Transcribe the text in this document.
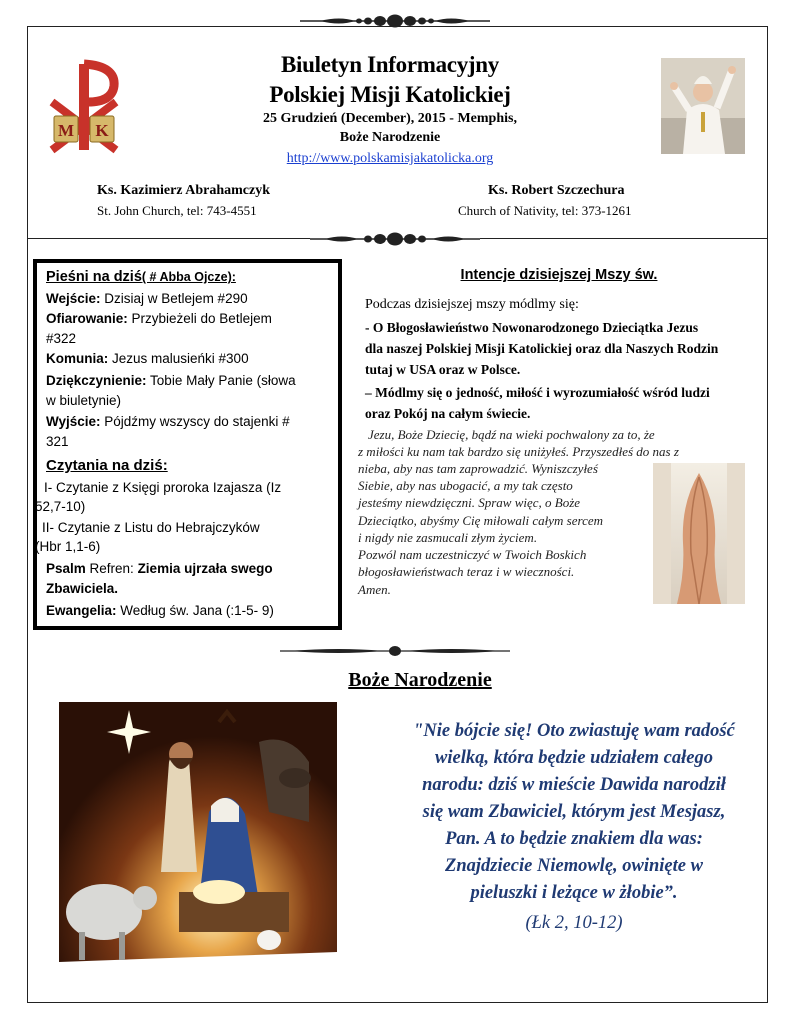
M K
Biuletyn Informacyjny
Polskiej Misji Katolickiej
25 Grudzień (December), 2015 - Memphis,
Boże Narodzenie
http://www.polskamisjakatolicka.org
Ks. Kazimierz Abrahamczyk
St. John Church, tel: 743-4551
Ks. Robert Szczechura
Church of Nativity, tel: 373-1261
Pieśni na dziś( # Abba Ojcze):
Wejście: Dzisiaj w Betlejem #290
Ofiarowanie: Przybieżeli do Betlejem
#322
Komunia: Jezus malusieńki #300
Dziękczynienie: Tobie Mały Panie (słowa
w biuletynie)
Wyjście: Pójdźmy wszyscy do stajenki #
321
Czytania na dziś:
I- Czytanie z Księgi proroka Izajasza (Iz
52,7-10)
II- Czytanie z Listu do Hebrajczyków
(Hbr 1,1-6)
Psalm Refren: Ziemia ujrzała swego
Zbawiciela.
Ewangelia: Według św. Jana (:1-5- 9)
Intencje dzisiejszej Mszy św.
Podczas dzisiejszej mszy módlmy się:
- O Błogosławieństwo Nowonarodzonego Dzieciątka Jezus
dla naszej Polskiej Misji Katolickiej oraz dla Naszych Rodzin
tutaj w USA oraz w Polsce.
– Módlmy się o jedność, miłość i wyrozumiałość wśród ludzi
oraz Pokój na całym świecie.
Jezu, Boże Dziecię, bądź na wieki pochwalony za to, że
z miłości ku nam tak bardzo się uniżyłeś. Przyszedłeś do nas z
nieba, aby nas tam zaprowadzić. Wyniszczyłeś
Siebie, aby nas ubogacić, a my tak często
jesteśmy niewdzięczni. Spraw więc, o Boże
Dzieciątko, abyśmy Cię miłowali całym sercem
i nigdy nie zasmucali złym życiem.
Pozwól nam uczestniczyć w Twoich Boskich
błogosławieństwach teraz i w wieczności.
Amen.
Boże Narodzenie
"Nie bójcie się! Oto zwiastuję wam radość
wielką, która będzie udziałem całego
narodu: dziś w mieście Dawida narodził
się wam Zbawiciel, którym jest Mesjasz,
Pan. A to będzie znakiem dla was:
Znajdziecie Niemowlę, owinięte w
pieluszki i leżące w żłobie”.
(Łk 2, 10-12)
